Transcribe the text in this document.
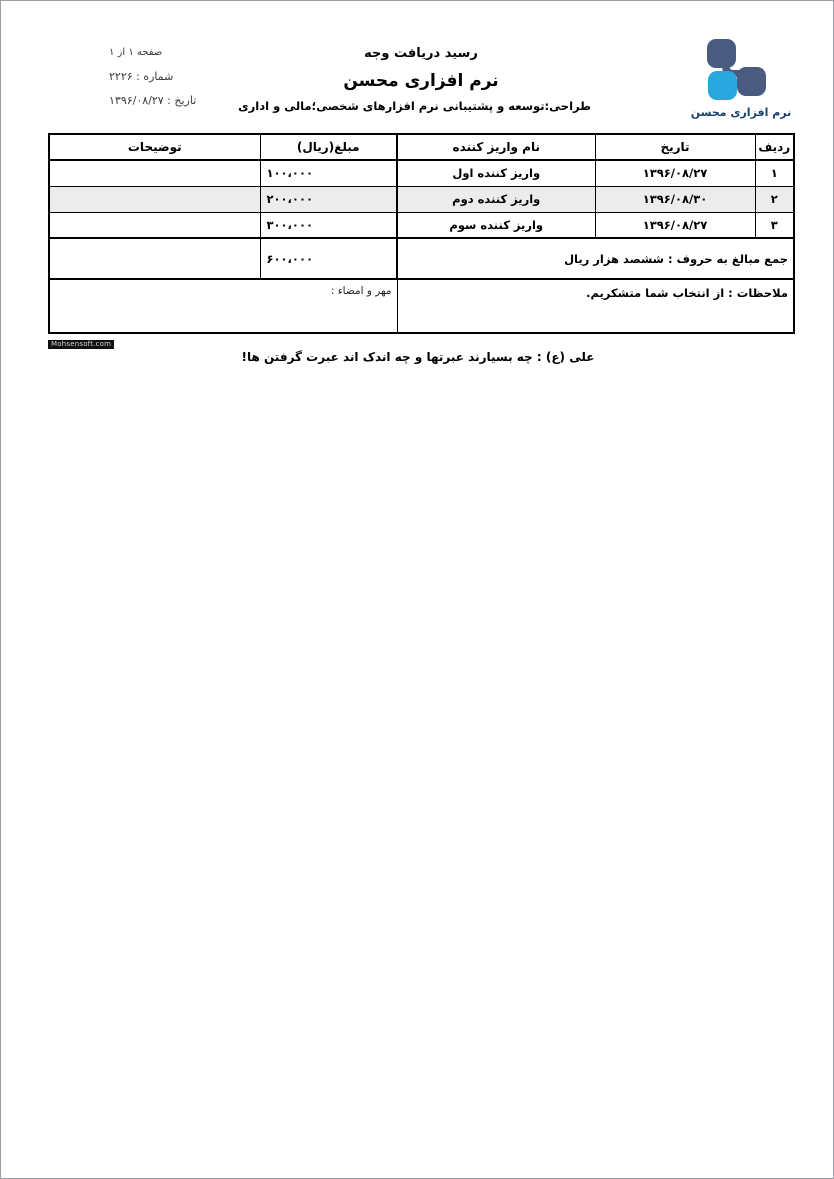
صفحه ۱ از ۱
شماره : ۲۲۲۶
تاریخ : ۱۳۹۶/۰۸/۲۷
رسید دریافت وجه
نرم افزاری محسن
طراحی:توسعه و پشتیبانی نرم افزارهای شخصی؛مالی و اداری	نرم افزاری محسن
ردیف	تاریخ	نام واریز کننده	مبلغ(ریال)	توضیحات
۱	۱۳۹۶/۰۸/۲۷	واریز کننده اول	۱۰۰،۰۰۰	
۲	۱۳۹۶/۰۸/۳۰	واریز کننده دوم	۲۰۰،۰۰۰	
۳	۱۳۹۶/۰۸/۲۷	واریز کننده سوم	۳۰۰،۰۰۰	
جمع مبالغ به حروف : ششصد هزار ریال			۶۰۰،۰۰۰	
ملاحظات : از انتخاب شما متشکریم.			مهر و امضاء :	
Mohsensoft.com
علی (ع) : چه بسیارند عبرتها و چه اندک اند عبرت گرفتن ها!
